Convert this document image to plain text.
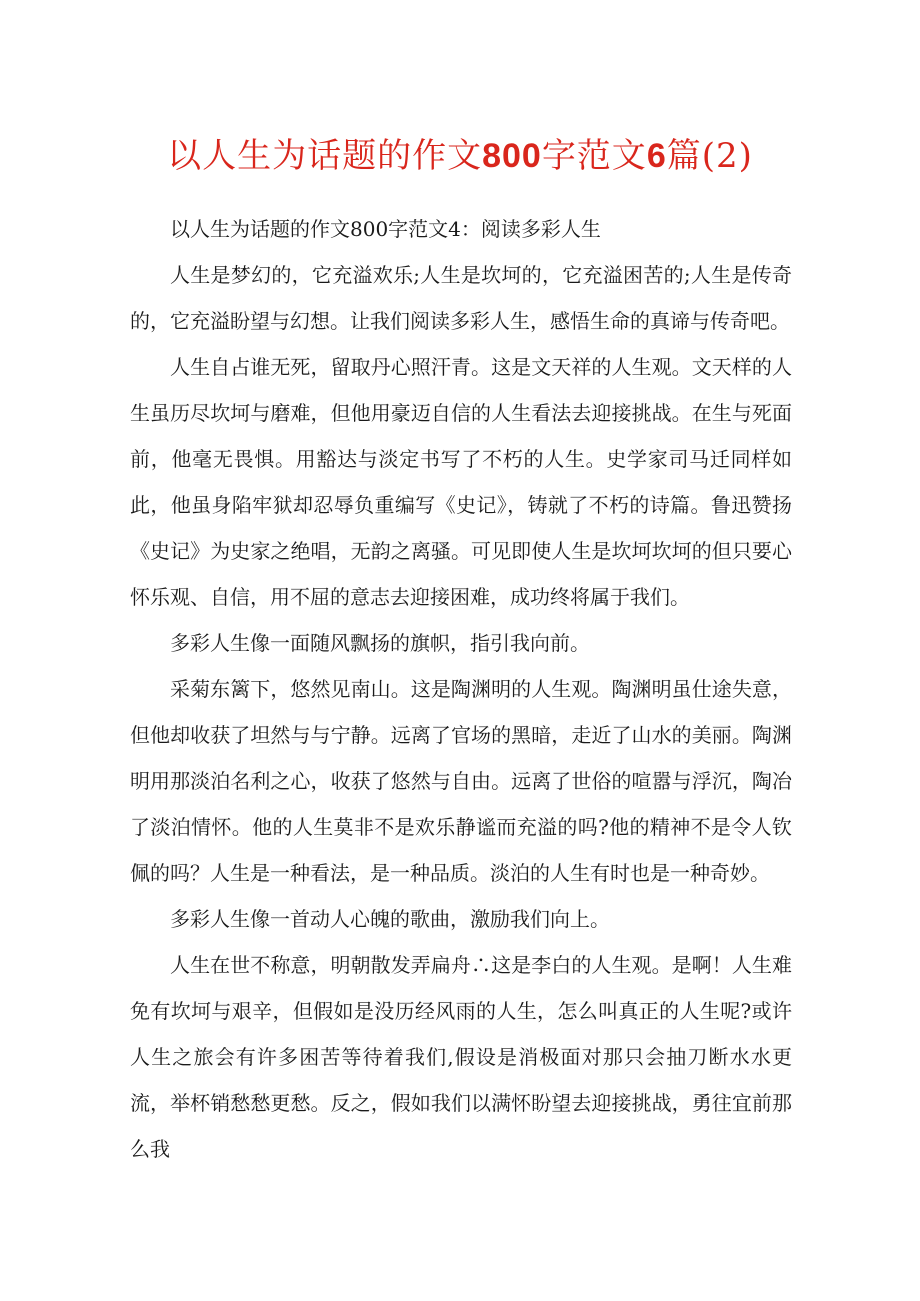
以人生为话题的作文800字范文6篇(2)

以人生为话题的作文800字范文4：阅读多彩人生

人生是梦幻的，它充溢欢乐;人生是坎坷的，它充溢困苦的;人生是传奇的，它充溢盼望与幻想。让我们阅读多彩人生，感悟生命的真谛与传奇吧。

人生自占谁无死，留取丹心照汗青。这是文天祥的人生观。文天样的人生虽历尽坎坷与磨难，但他用豪迈自信的人生看法去迎接挑战。在生与死面前，他毫无畏惧。用豁达与淡定书写了不朽的人生。史学家司马迁同样如此，他虽身陷牢狱却忍辱负重编写《史记》，铸就了不朽的诗篇。鲁迅赞扬《史记》为史家之绝唱，无韵之离骚。可见即使人生是坎坷坎坷的但只要心怀乐观、自信，用不屈的意志去迎接困难，成功终将属于我们。

多彩人生像一面随风飘扬的旗帜，指引我向前。

采菊东篱下，悠然见南山。这是陶渊明的人生观。陶渊明虽仕途失意，但他却收获了坦然与与宁静。远离了官场的黑暗，走近了山水的美丽。陶渊明用那淡泊名利之心，收获了悠然与自由。远离了世俗的喧嚣与浮沉，陶冶了淡泊情怀。他的人生莫非不是欢乐静谧而充溢的吗?他的精神不是令人钦佩的吗？人生是一种看法，是一种品质。淡泊的人生有时也是一种奇妙。

多彩人生像一首动人心魄的歌曲，激励我们向上。

人生在世不称意，明朝散发弄扁舟∴这是李白的人生观。是啊！人生难免有坎坷与艰辛，但假如是没历经风雨的人生，怎么叫真正的人生呢?或许人生之旅会有许多困苦等待着我们,假设是消极面对那只会抽刀断水水更流，举杯销愁愁更愁。反之，假如我们以满怀盼望去迎接挑战，勇往宜前那么我
